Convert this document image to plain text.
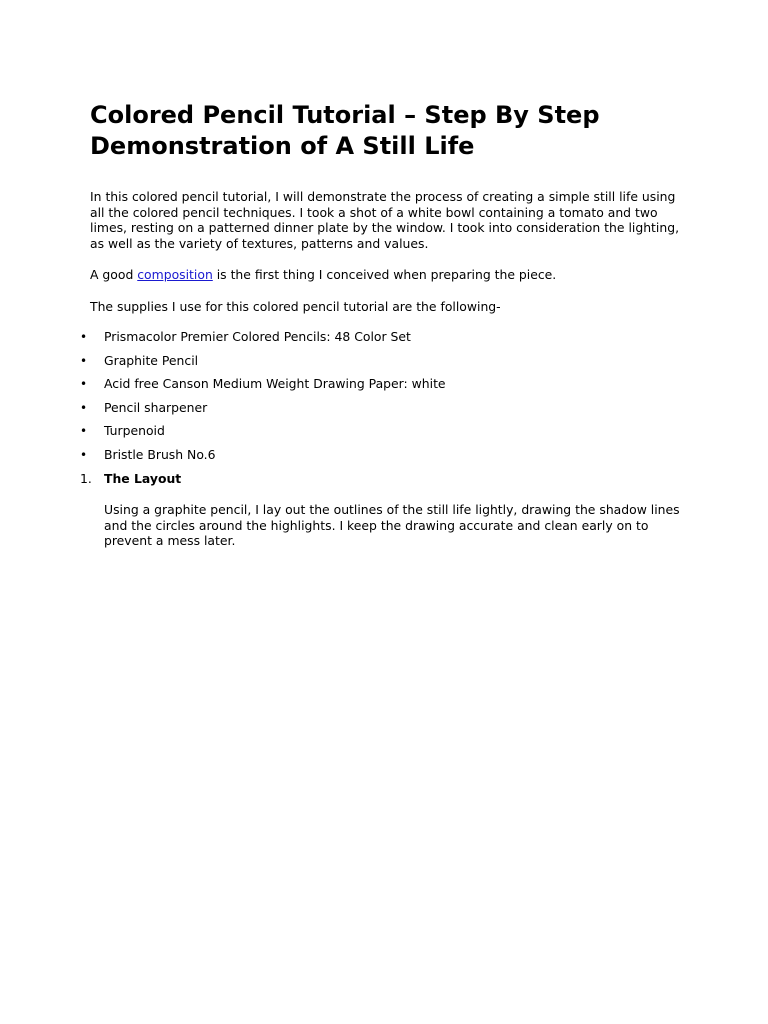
Colored Pencil Tutorial – Step By Step Demonstration of A Still Life

In this colored pencil tutorial, I will demonstrate the process of creating a simple still life using all the colored pencil techniques. I took a shot of a white bowl containing a tomato and two limes, resting on a patterned dinner plate by the window. I took into consideration the lighting, as well as the variety of textures, patterns and values.

A good composition is the first thing I conceived when preparing the piece.

The supplies I use for this colored pencil tutorial are the following-

• Prismacolor Premier Colored Pencils: 48 Color Set
• Graphite Pencil
• Acid free Canson Medium Weight Drawing Paper: white
• Pencil sharpener
• Turpenoid
• Bristle Brush No.6
1. The Layout

Using a graphite pencil, I lay out the outlines of the still life lightly, drawing the shadow lines and the circles around the highlights. I keep the drawing accurate and clean early on to prevent a mess later.
